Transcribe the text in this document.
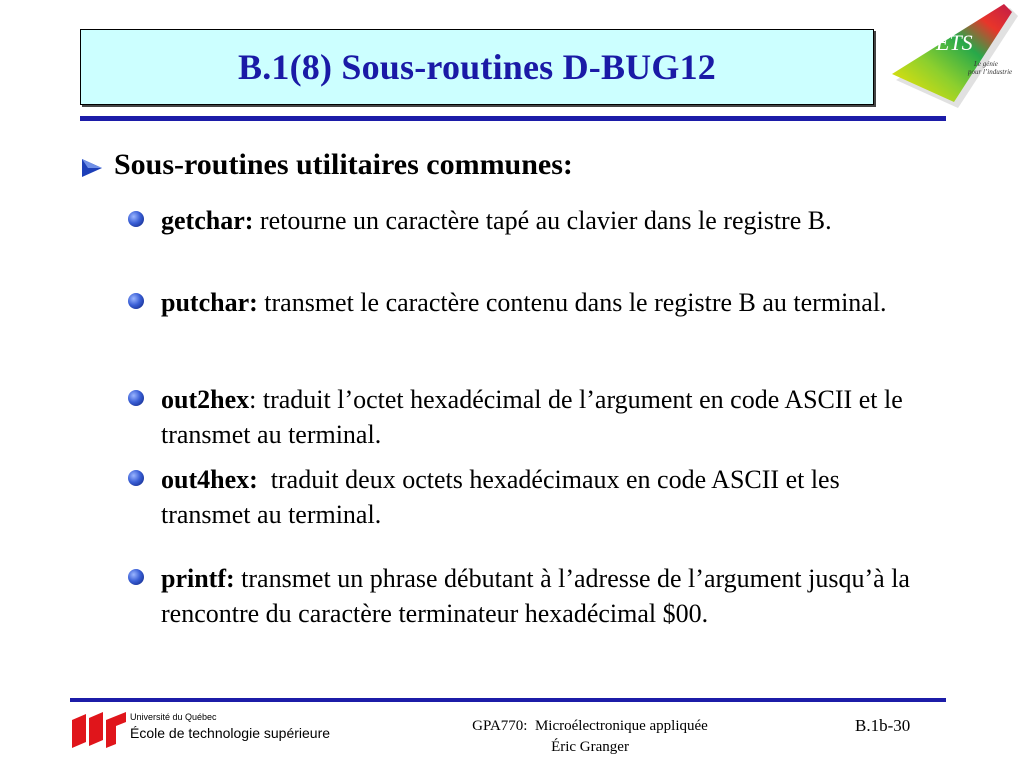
B.1(8) Sous-routines D-BUG12
ÉTS
Le génie
pour l’industrie
Sous-routines utilitaires communes:
getchar: retourne un caractère tapé au clavier dans le registre B.
putchar: transmet le caractère contenu dans le registre B au terminal.
out2hex: traduit l’octet hexadécimal de l’argument en code ASCII et le transmet au terminal.
out4hex:  traduit deux octets hexadécimaux en code ASCII et les transmet au terminal.
printf: transmet un phrase débutant à l’adresse de l’argument jusqu’à la rencontre du caractère terminateur hexadécimal $00.
Université du Québec
École de technologie supérieure	GPA770:  Microélectronique appliquée
Éric Granger
B.1b-30
